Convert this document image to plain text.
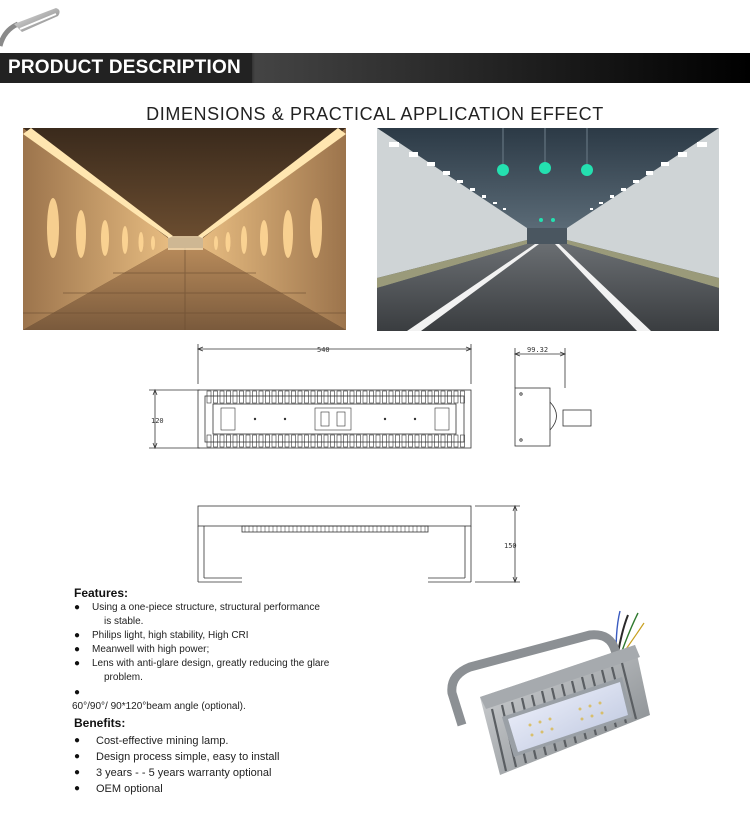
PRODUCT DESCRIPTION
DIMENSIONS & PRACTICAL APPLICATION EFFECT
540
120
99.32
150
Features:
● Using a one-piece structure, structural performance
is stable.
● Philips light, high stability, High CRI
● Meanwell with high power;
● Lens with anti-glare design, greatly reducing the glare
problem.
●
60°/90°/ 90*120°beam angle (optional).
Benefits:
● Cost-effective mining lamp.
● Design process simple, easy to install
● 3 years - - 5 years warranty optional
● OEM optional
